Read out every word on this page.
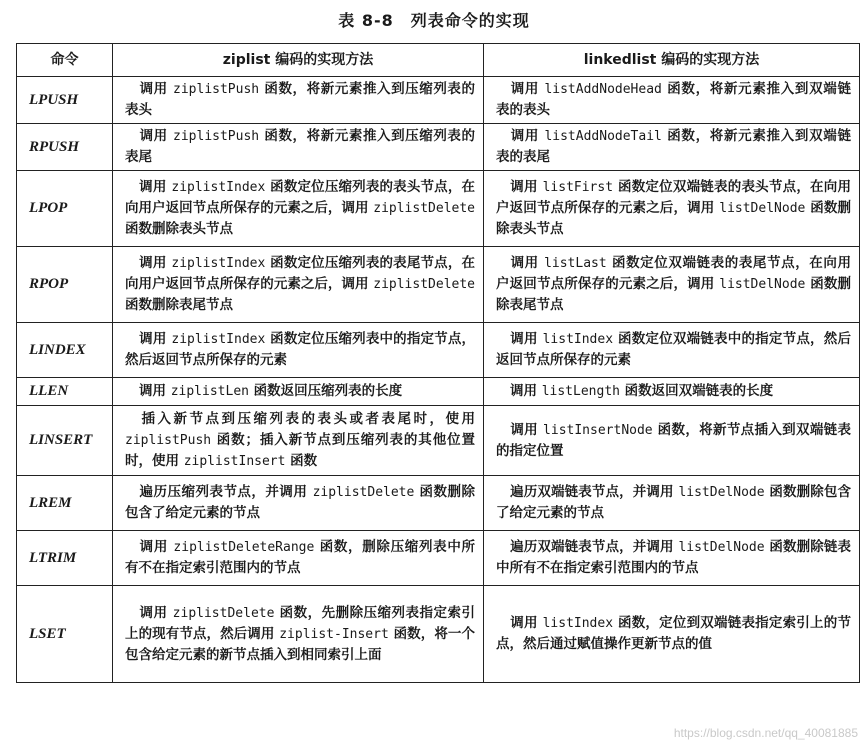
表 8-8　列表命令的实现
命令	ziplist 编码的实现方法	linkedlist 编码的实现方法
LPUSH	调用 ziplistPush 函数，将新元素推入到压缩列表的表头	调用 listAddNodeHead 函数，将新元素推入到双端链表的表头
RPUSH	调用 ziplistPush 函数，将新元素推入到压缩列表的表尾	调用 listAddNodeTail 函数，将新元素推入到双端链表的表尾
LPOP	调用 ziplistIndex 函数定位压缩列表的表头节点，在向用户返回节点所保存的元素之后，调用 ziplistDelete 函数删除表头节点	调用 listFirst 函数定位双端链表的表头节点，在向用户返回节点所保存的元素之后，调用 listDelNode 函数删除表头节点
RPOP	调用 ziplistIndex 函数定位压缩列表的表尾节点，在向用户返回节点所保存的元素之后，调用 ziplistDelete 函数删除表尾节点	调用 listLast 函数定位双端链表的表尾节点，在向用户返回节点所保存的元素之后，调用 listDelNode 函数删除表尾节点
LINDEX	调用 ziplistIndex 函数定位压缩列表中的指定节点，然后返回节点所保存的元素	调用 listIndex 函数定位双端链表中的指定节点，然后返回节点所保存的元素
LLEN	调用 ziplistLen 函数返回压缩列表的长度	调用 listLength 函数返回双端链表的长度
LINSERT	插入新节点到压缩列表的表头或者表尾时，使用 ziplistPush 函数；插入新节点到压缩列表的其他位置时，使用 ziplistInsert 函数	调用 listInsertNode 函数，将新节点插入到双端链表的指定位置
LREM	遍历压缩列表节点，并调用 ziplistDelete 函数删除包含了给定元素的节点	遍历双端链表节点，并调用 listDelNode 函数删除包含了给定元素的节点
LTRIM	调用 ziplistDeleteRange 函数，删除压缩列表中所有不在指定索引范围内的节点	遍历双端链表节点，并调用 listDelNode 函数删除链表中所有不在指定索引范围内的节点
LSET	调用 ziplistDelete 函数，先删除压缩列表指定索引上的现有节点，然后调用 ziplist-Insert 函数，将一个包含给定元素的新节点插入到相同索引上面	调用 listIndex 函数，定位到双端链表指定索引上的节点，然后通过赋值操作更新节点的值
https://blog.csdn.net/qq_40081885
